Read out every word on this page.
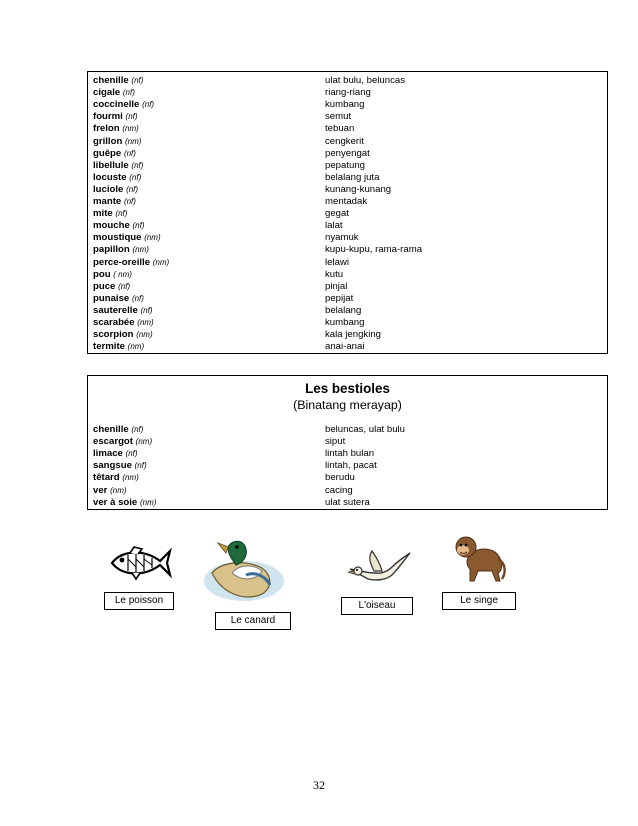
chenille (nf)	ulat bulu, beluncas
cigale (nf)	riang-riang
coccinelle (nf)	kumbang
fourmi (nf)	semut
frelon (nm)	tebuan
grillon (nm)	cengkerit
guêpe (nf)	penyengat
libellule (nf)	pepatung
locuste (nf)	belalang juta
luciole (nf)	kunang-kunang
mante (nf)	mentadak
mite (nf)	gegat
mouche (nf)	lalat
moustique (nm)	nyamuk
papillon (nm)	kupu-kupu, rama-rama
perce-oreille (nm)	lelawi
pou ( nm)	kutu
puce (nf)	pinjal
punaise (nf)	pepijat
sauterelle (nf)	belalang
scarabée (nm)	kumbang
scorpion (nm)	kala jengking
termite (nm)	anai-anai
Les bestioles
(Binatang merayap)
chenille (nf)	beluncas, ulat bulu
escargot (nm)	siput
limace (nf)	lintah bulan
sangsue (nf)	lintah, pacat
têtard (nm)	berudu
ver (nm)	cacing
ver à soie (nm)	ulat sutera
Le poisson
Le canard
L'oiseau	Le singe
32
